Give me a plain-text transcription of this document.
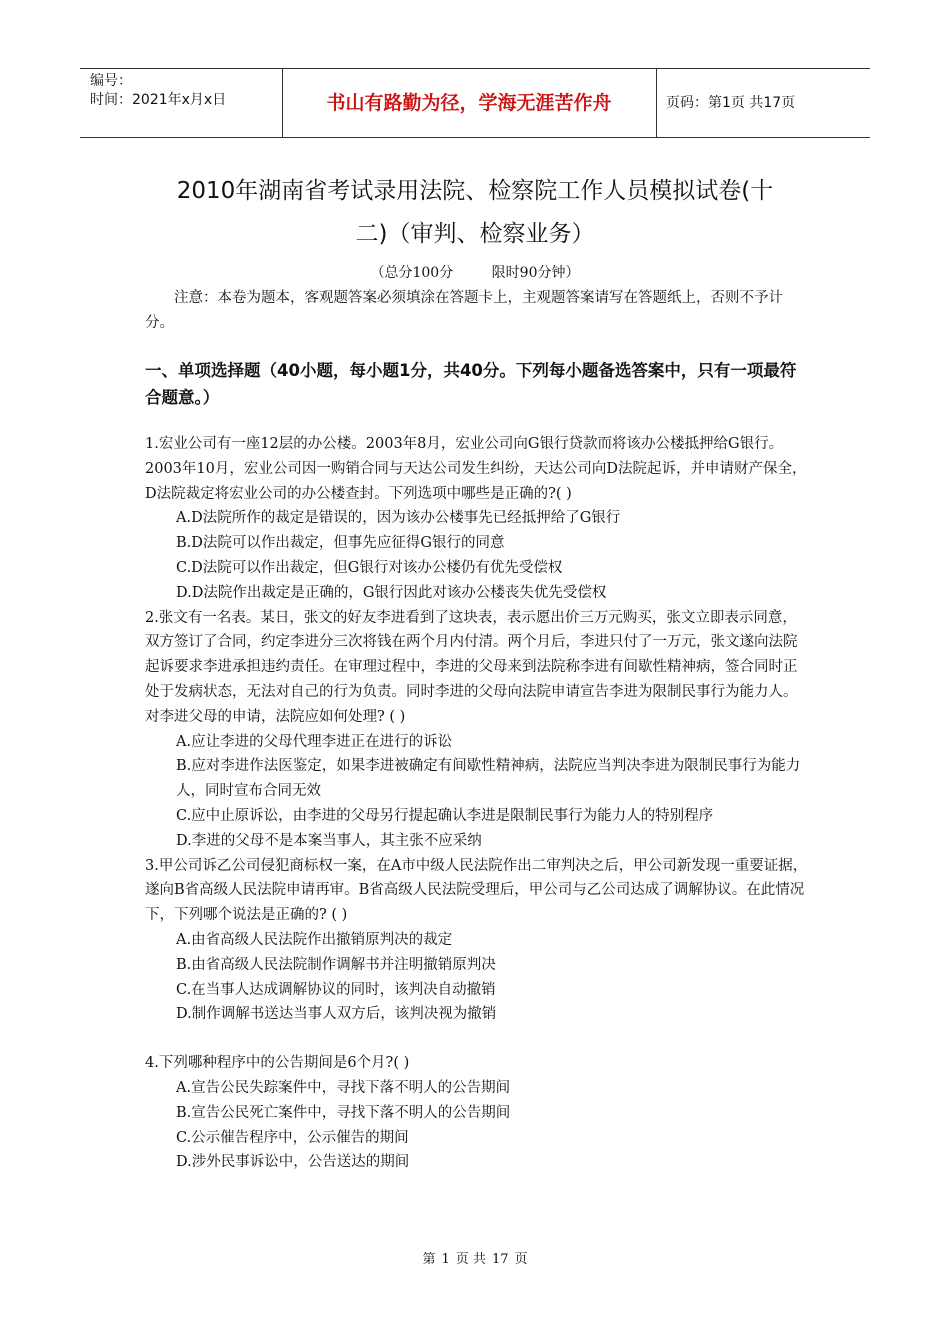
编号：
时间：2021年x月x日	书山有路勤为径，学海无涯苦作舟	页码：第1页 共17页
2010年湖南省考试录用法院、检察院工作人员模拟试卷(十
二)（审判、检察业务）
（总分100分	限时90分钟）
注意：本卷为题本，客观题答案必须填涂在答题卡上，主观题答案请写在答题纸上，否则不予计分。
一、单项选择题（40小题，每小题1分，共40分。下列每小题备选答案中，只有一项最符合题意。）

1.宏业公司有一座12层的办公楼。2003年8月，宏业公司向G银行贷款而将该办公楼抵押给G银行。2003年10月，宏业公司因一购销合同与天达公司发生纠纷，天达公司向D法院起诉，并申请财产保全，D法院裁定将宏业公司的办公楼查封。下列选项中哪些是正确的?( )

A.D法院所作的裁定是错误的，因为该办公楼事先已经抵押给了G银行

B.D法院可以作出裁定，但事先应征得G银行的同意

C.D法院可以作出裁定，但G银行对该办公楼仍有优先受偿权

D.D法院作出裁定是正确的，G银行因此对该办公楼丧失优先受偿权

2.张文有一名表。某日，张文的好友李进看到了这块表，表示愿出价三万元购买，张文立即表示同意，双方签订了合同，约定李进分三次将钱在两个月内付清。两个月后，李进只付了一万元，张文遂向法院起诉要求李进承担违约责任。在审理过程中，李进的父母来到法院称李进有间歇性精神病，签合同时正处于发病状态，无法对自己的行为负责。同时李进的父母向法院申请宣告李进为限制民事行为能力人。对李进父母的申请，法院应如何处理? ( )

A.应让李进的父母代理李进正在进行的诉讼

B.应对李进作法医鉴定，如果李进被确定有间歇性精神病，法院应当判决李进为限制民事行为能力人，同时宣布合同无效

C.应中止原诉讼，由李进的父母另行提起确认李进是限制民事行为能力人的特别程序

D.李进的父母不是本案当事人，其主张不应采纳

3.甲公司诉乙公司侵犯商标权一案，在A市中级人民法院作出二审判决之后，甲公司新发现一重要证据，遂向B省高级人民法院申请再审。B省高级人民法院受理后，甲公司与乙公司达成了调解协议。在此情况下，下列哪个说法是正确的? ( )

A.由省高级人民法院作出撤销原判决的裁定

B.由省高级人民法院制作调解书并注明撤销原判决

C.在当事人达成调解协议的同时，该判决自动撤销

D.制作调解书送达当事人双方后，该判决视为撤销

4.下列哪种程序中的公告期间是6个月?( )

A.宣告公民失踪案件中，寻找下落不明人的公告期间

B.宣告公民死亡案件中，寻找下落不明人的公告期间

C.公示催告程序中，公示催告的期间

D.涉外民事诉讼中，公告送达的期间

第 1 页 共 17 页
